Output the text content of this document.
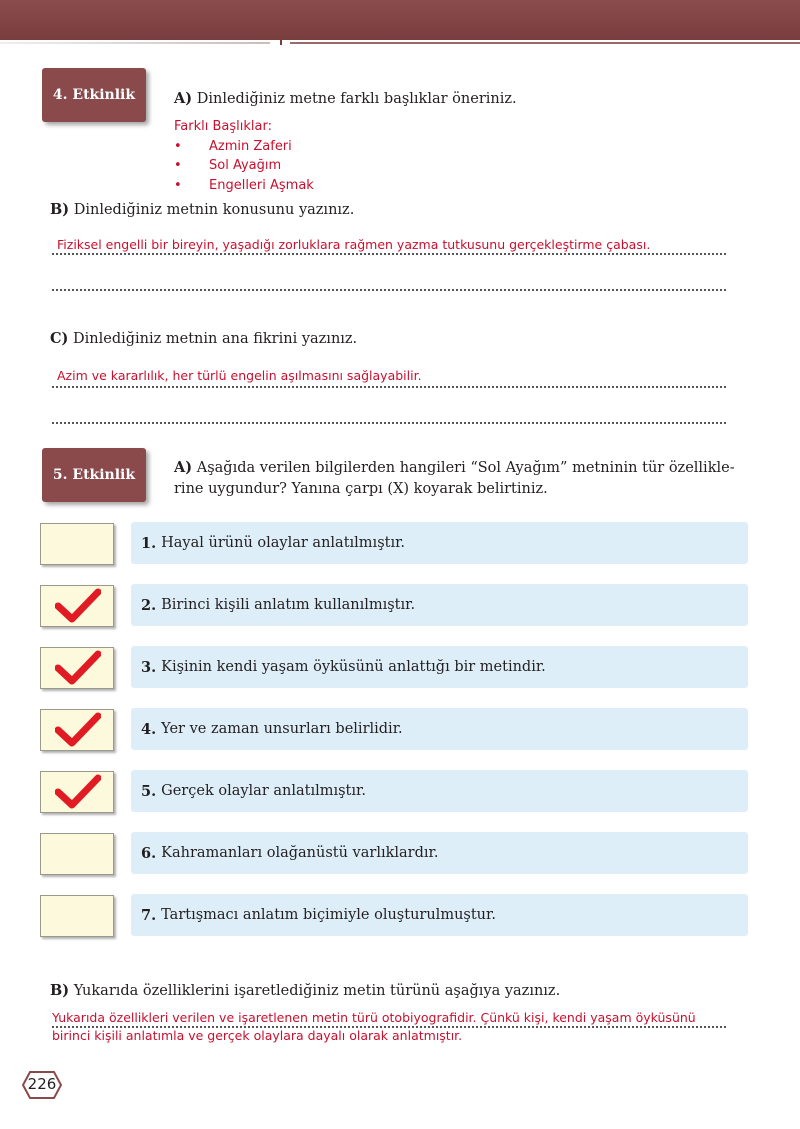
4. Etkinlik	A) Dinlediğiniz metne farklı başlıklar öneriniz.
Farklı Başlıklar:
• Azmin Zaferi
• Sol Ayağım
• Engelleri Aşmak
B) Dinlediğiniz metnin konusunu yazınız.
Fiziksel engelli bir bireyin, yaşadığı zorluklara rağmen yazma tutkusunu gerçekleştirme çabası.
C) Dinlediğiniz metnin ana fikrini yazınız.
Azim ve kararlılık, her türlü engelin aşılmasını sağlayabilir.
5. Etkinlik	A) Aşağıda verilen bilgilerden hangileri “Sol Ayağım” metninin tür özellikle-
rine uygundur? Yanına çarpı (X) koyarak belirtiniz.
1. Hayal ürünü olaylar anlatılmıştır.
2. Birinci kişili anlatım kullanılmıştır.
3. Kişinin kendi yaşam öyküsünü anlattığı bir metindir.
4. Yer ve zaman unsurları belirlidir.
5. Gerçek olaylar anlatılmıştır.
6. Kahramanları olağanüstü varlıklardır.
7. Tartışmacı anlatım biçimiyle oluşturulmuştur.
B) Yukarıda özelliklerini işaretlediğiniz metin türünü aşağıya yazınız.
Yukarıda özellikleri verilen ve işaretlenen metin türü otobiyografidir. Çünkü kişi, kendi yaşam öyküsünü
birinci kişili anlatımla ve gerçek olaylara dayalı olarak anlatmıştır.
226
